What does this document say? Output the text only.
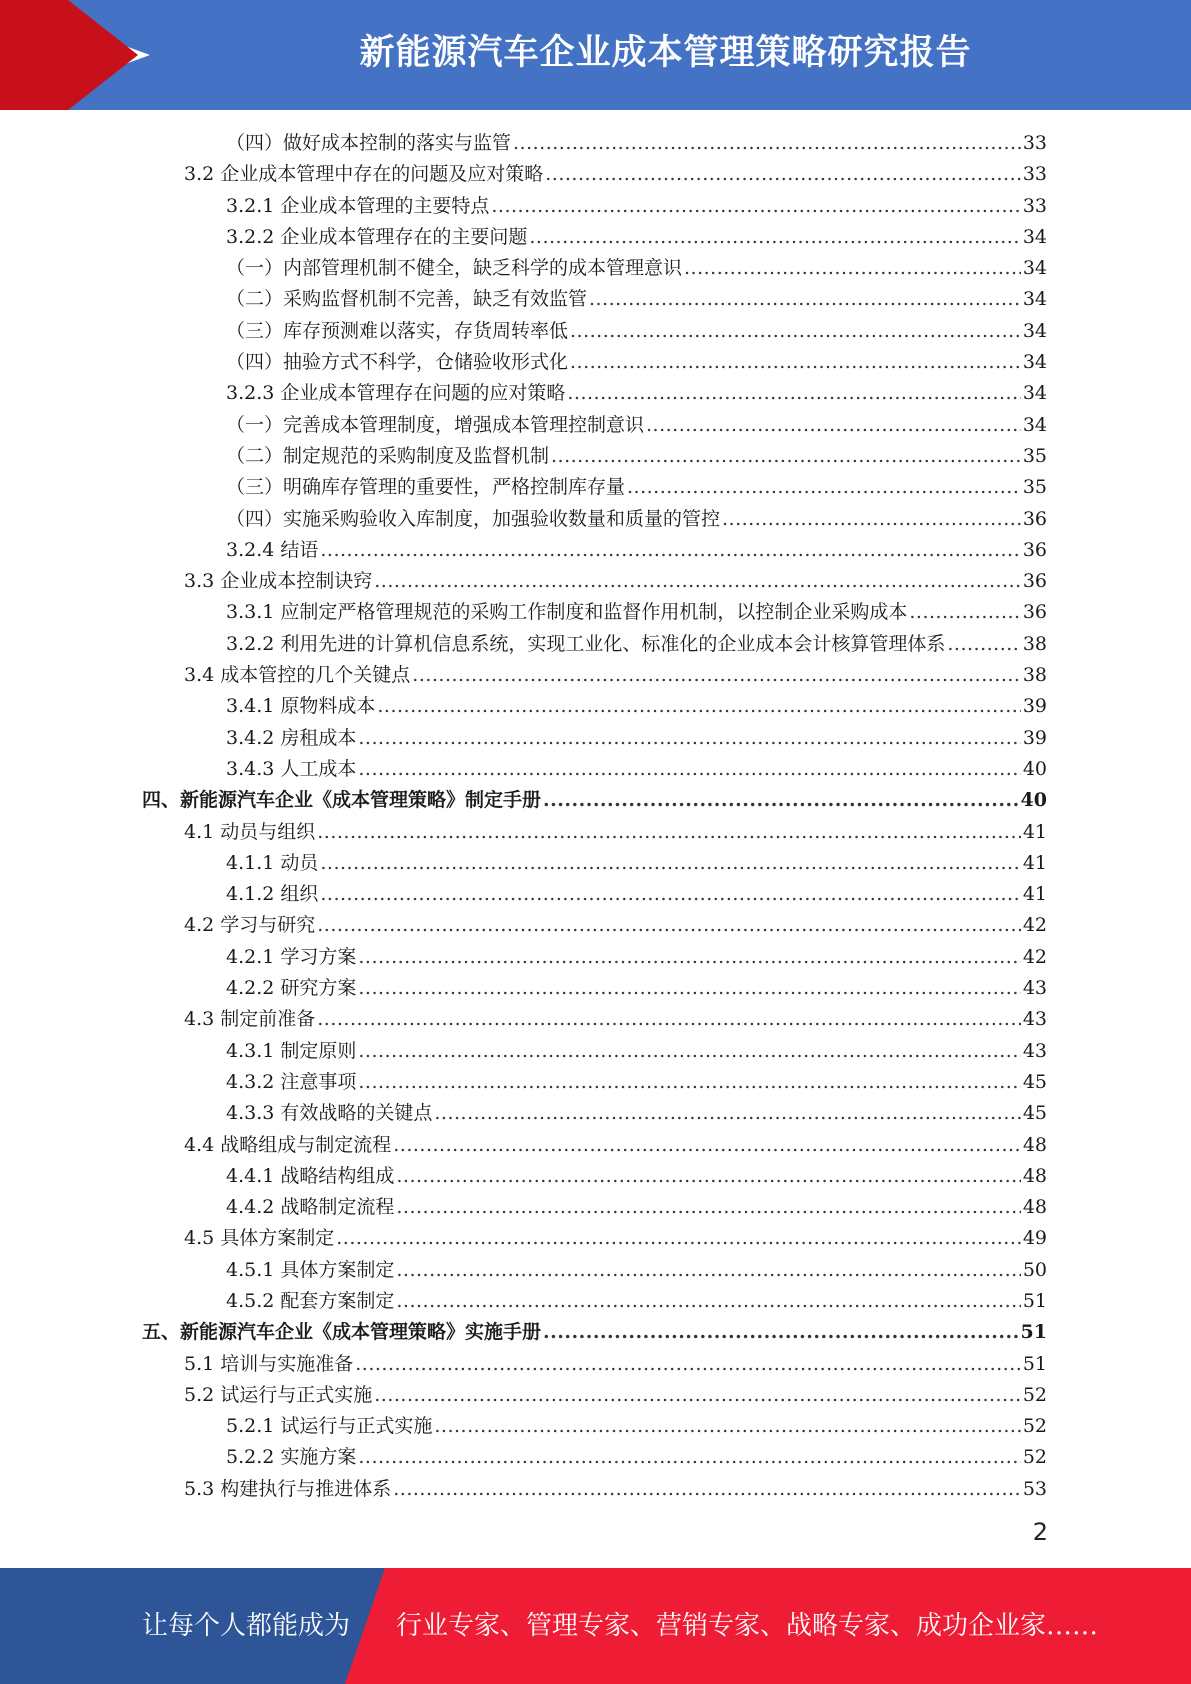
新能源汽车企业成本管理策略研究报告
（四）做好成本控制的落实与监管 .....	33
3.2 企业成本管理中存在的问题及应对策略 .....	33
3.2.1 企业成本管理的主要特点 .....	33
3.2.2 企业成本管理存在的主要问题 .....	34
（一）内部管理机制不健全，缺乏科学的成本管理意识 .....	34
（二）采购监督机制不完善，缺乏有效监管 .....	34
（三）库存预测难以落实，存货周转率低 .....	34
（四）抽验方式不科学，仓储验收形式化 .....	34
3.2.3 企业成本管理存在问题的应对策略 .....	34
（一）完善成本管理制度，增强成本管理控制意识 .....	34
（二）制定规范的采购制度及监督机制 .....	35
（三）明确库存管理的重要性，严格控制库存量 .....	35
（四）实施采购验收入库制度，加强验收数量和质量的管控 .....	36
3.2.4 结语 .....	36
3.3 企业成本控制诀窍 .....	36
3.3.1 应制定严格管理规范的采购工作制度和监督作用机制，以控制企业采购成本 .....	36
3.2.2 利用先进的计算机信息系统，实现工业化、标准化的企业成本会计核算管理体系 .....	38
3.4 成本管控的几个关键点 .....	38
3.4.1 原物料成本 .....	39
3.4.2 房租成本 .....	39
3.4.3 人工成本 .....	40
四、新能源汽车企业《成本管理策略》制定手册 .....	40
4.1 动员与组织 .....	41
4.1.1 动员 .....	41
4.1.2 组织 .....	41
4.2 学习与研究 .....	42
4.2.1 学习方案 .....	42
4.2.2 研究方案 .....	43
4.3 制定前准备 .....	43
4.3.1 制定原则 .....	43
4.3.2 注意事项 .....	45
4.3.3 有效战略的关键点 .....	45
4.4 战略组成与制定流程 .....	48
4.4.1 战略结构组成 .....	48
4.4.2 战略制定流程 .....	48
4.5 具体方案制定 .....	49
4.5.1 具体方案制定 .....	50
4.5.2 配套方案制定 .....	51
五、新能源汽车企业《成本管理策略》实施手册 .....	51
5.1 培训与实施准备 .....	51
5.2 试运行与正式实施 .....	52
5.2.1 试运行与正式实施 .....	52
5.2.2 实施方案 .....	52
5.3 构建执行与推进体系 .....	53
2
让每个人都能成为 行业专家、管理专家、营销专家、战略专家、成功企业家……
